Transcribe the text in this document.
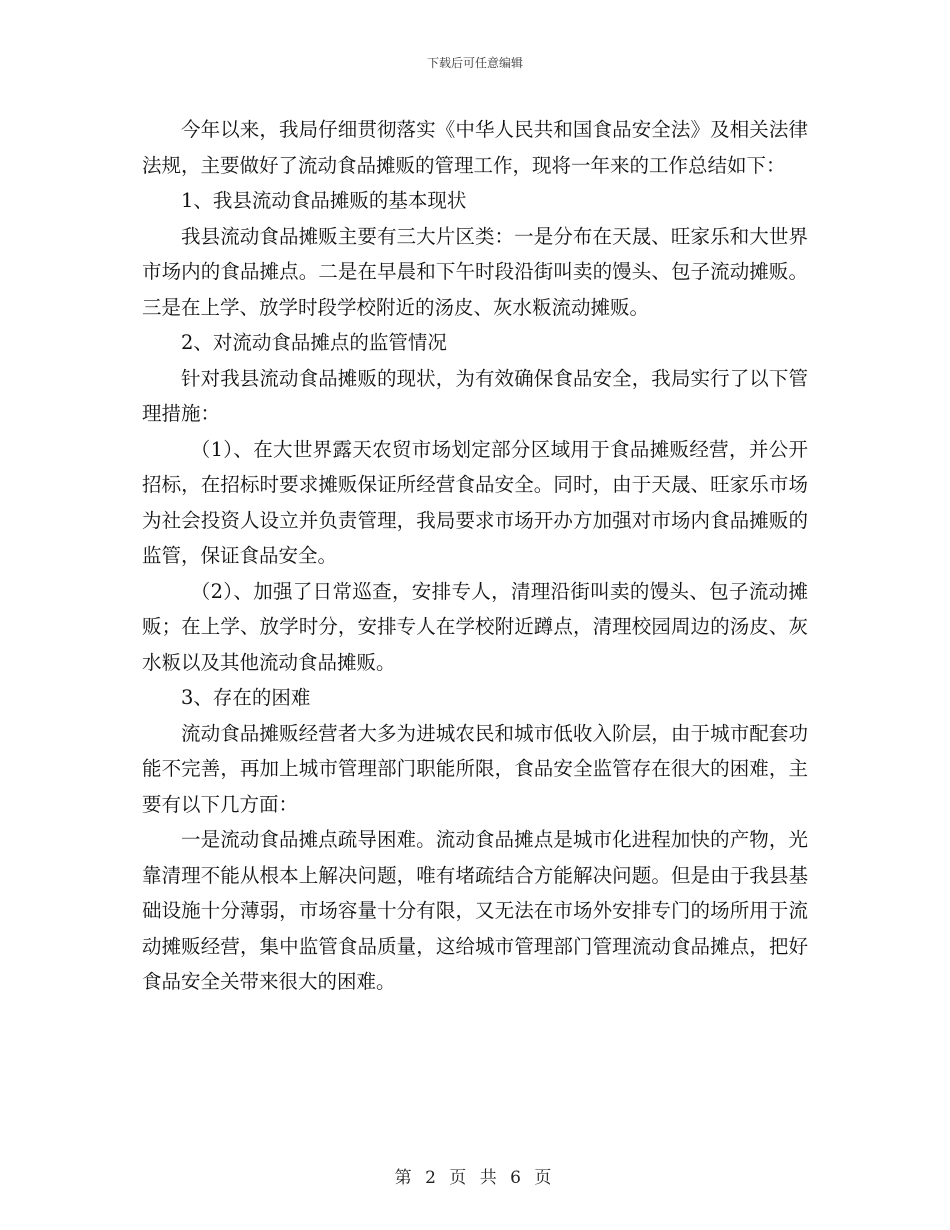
下载后可任意编辑

今年以来，我局仔细贯彻落实《中华人民共和国食品安全法》及相关法律法规，主要做好了流动食品摊贩的管理工作，现将一年来的工作总结如下：

1、我县流动食品摊贩的基本现状

我县流动食品摊贩主要有三大片区类：一是分布在天晟、旺家乐和大世界市场内的食品摊点。二是在早晨和下午时段沿街叫卖的馒头、包子流动摊贩。三是在上学、放学时段学校附近的汤皮、灰水粄流动摊贩。

2、对流动食品摊点的监管情况

针对我县流动食品摊贩的现状，为有效确保食品安全，我局实行了以下管理措施：

（1）、在大世界露天农贸市场划定部分区域用于食品摊贩经营，并公开招标，在招标时要求摊贩保证所经营食品安全。同时，由于天晟、旺家乐市场为社会投资人设立并负责管理，我局要求市场开办方加强对市场内食品摊贩的监管，保证食品安全。

（2）、加强了日常巡查，安排专人，清理沿街叫卖的馒头、包子流动摊贩；在上学、放学时分，安排专人在学校附近蹲点，清理校园周边的汤皮、灰水粄以及其他流动食品摊贩。

3、存在的困难

流动食品摊贩经营者大多为进城农民和城市低收入阶层，由于城市配套功能不完善，再加上城市管理部门职能所限，食品安全监管存在很大的困难，主要有以下几方面：

一是流动食品摊点疏导困难。流动食品摊点是城市化进程加快的产物，光靠清理不能从根本上解决问题，唯有堵疏结合方能解决问题。但是由于我县基础设施十分薄弱，市场容量十分有限，又无法在市场外安排专门的场所用于流动摊贩经营，集中监管食品质量，这给城市管理部门管理流动食品摊点，把好食品安全关带来很大的困难。

第 2 页 共 6 页
